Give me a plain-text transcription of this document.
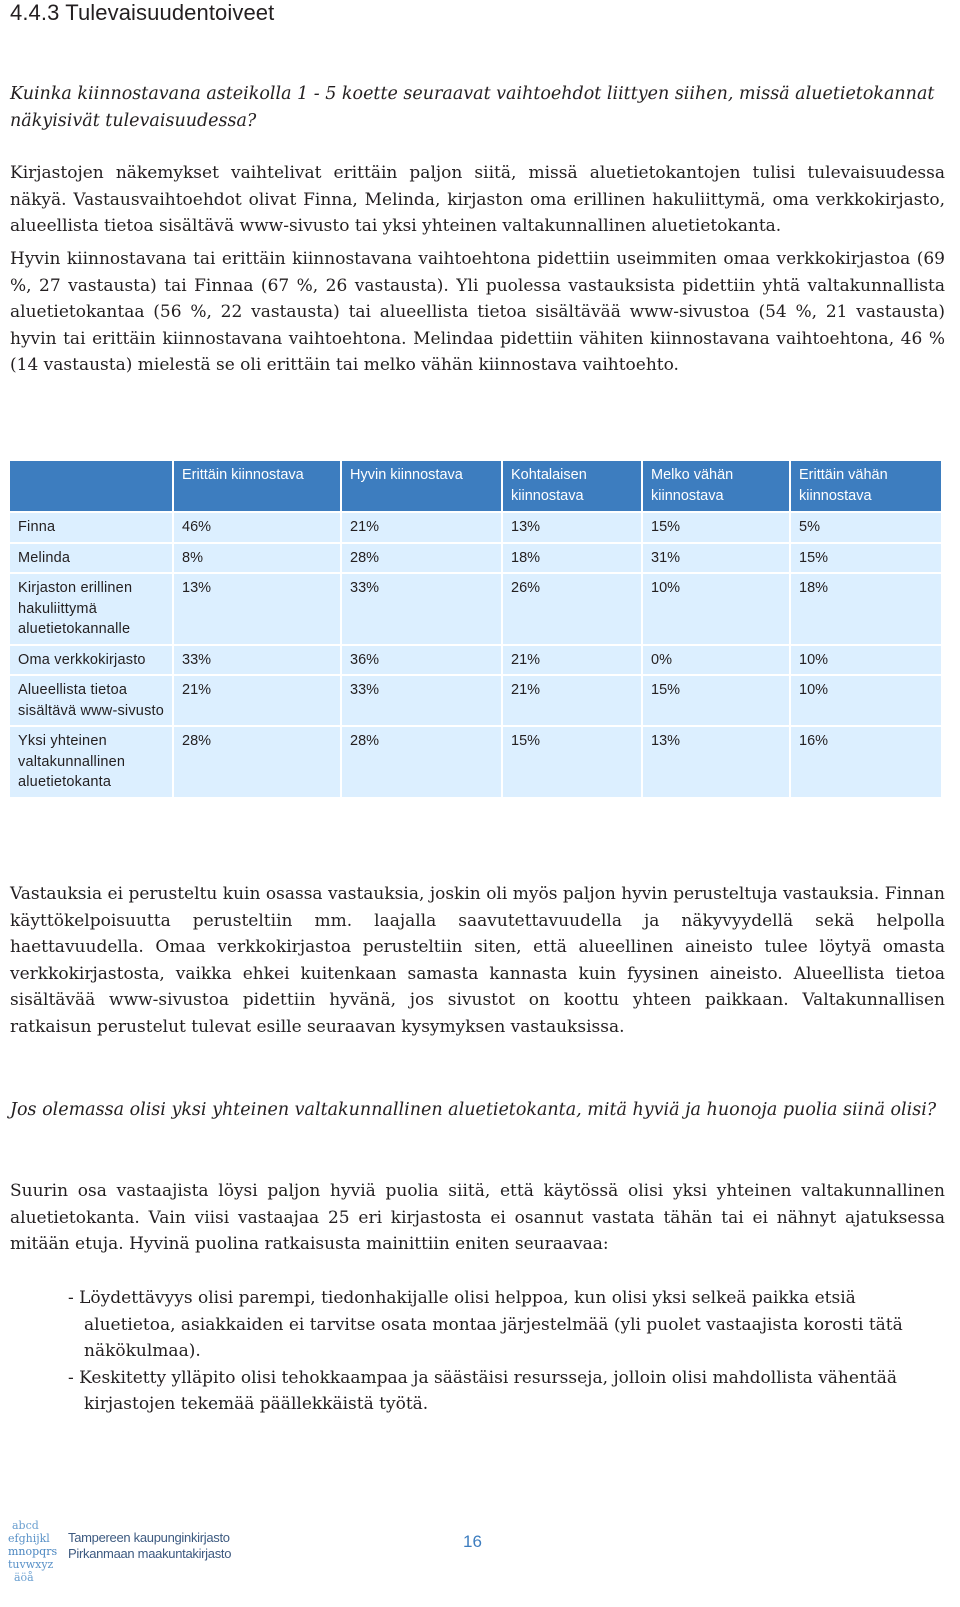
4.4.3 Tulevaisuudentoiveet

Kuinka kiinnostavana asteikolla 1 - 5 koette seuraavat vaihtoehdot liittyen siihen, missä aluetietokannat näkyisivät tulevaisuudessa?

Kirjastojen näkemykset vaihtelivat erittäin paljon siitä, missä aluetietokantojen tulisi tulevaisuudessa näkyä. Vastausvaihtoehdot olivat Finna, Melinda, kirjaston oma erillinen hakuliittymä, oma verkkokirjasto, alueellista tietoa sisältävä www-sivusto tai yksi yhteinen valtakunnallinen aluetietokanta.

Hyvin kiinnostavana tai erittäin kiinnostavana vaihtoehtona pidettiin useimmiten omaa verkkokirjastoa (69 %, 27 vastausta) tai Finnaa (67 %, 26 vastausta). Yli puolessa vastauksista pidettiin yhtä valtakunnallista aluetietokantaa (56 %, 22 vastausta) tai alueellista tietoa sisältävää www-sivustoa (54 %, 21 vastausta) hyvin tai erittäin kiinnostavana vaihtoehtona. Melindaa pidettiin vähiten kiinnostavana vaihtoehtona, 46 % (14 vastausta) mielestä se oli erittäin tai melko vähän kiinnostava vaihtoehto.

	Erittäin kiinnostava	Hyvin kiinnostava	Kohtalaisen kiinnostava	Melko vähän kiinnostava	Erittäin vähän kiinnostava
Finna	46%	21%	13%	15%	5%
Melinda	8%	28%	18%	31%	15%
Kirjaston erillinen hakuliittymä aluetietokannalle	13%	33%	26%	10%	18%
Oma verkkokirjasto	33%	36%	21%	0%	10%
Alueellista tietoa sisältävä www-sivusto	21%	33%	21%	15%	10%
Yksi yhteinen valtakunnallinen aluetietokanta	28%	28%	15%	13%	16%

Vastauksia ei perusteltu kuin osassa vastauksia, joskin oli myös paljon hyvin perusteltuja vastauksia. Finnan käyttökelpoisuutta perusteltiin mm. laajalla saavutettavuudella ja näkyvyydellä sekä helpolla haettavuudella. Omaa verkkokirjastoa perusteltiin siten, että alueellinen aineisto tulee löytyä omasta verkkokirjastosta, vaikka ehkei kuitenkaan samasta kannasta kuin fyysinen aineisto. Alueellista tietoa sisältävää www-sivustoa pidettiin hyvänä, jos sivustot on koottu yhteen paikkaan. Valtakunnallisen ratkaisun perustelut tulevat esille seuraavan kysymyksen vastauksissa.

Jos olemassa olisi yksi yhteinen valtakunnallinen aluetietokanta, mitä hyviä ja huonoja puolia siinä olisi?

Suurin osa vastaajista löysi paljon hyviä puolia siitä, että käytössä olisi yksi yhteinen valtakunnallinen aluetietokanta. Vain viisi vastaajaa 25 eri kirjastosta ei osannut vastata tähän tai ei nähnyt ajatuksessa mitään etuja. Hyvinä puolina ratkaisusta mainittiin eniten seuraavaa:

- Löydettävyys olisi parempi, tiedonhakijalle olisi helppoa, kun olisi yksi selkeä paikka etsiä aluetietoa, asiakkaiden ei tarvitse osata montaa järjestelmää (yli puolet vastaajista korosti tätä näkökulmaa).
- Keskitetty ylläpito olisi tehokkaampaa ja säästäisi resursseja, jolloin olisi mahdollista vähentää kirjastojen tekemää päällekkäistä työtä.
abcd
efghijkl
mnopqrs
tuvwxyz
äöå
Tampereen kaupunginkirjasto
Pirkanmaan maakuntakirjasto
16
